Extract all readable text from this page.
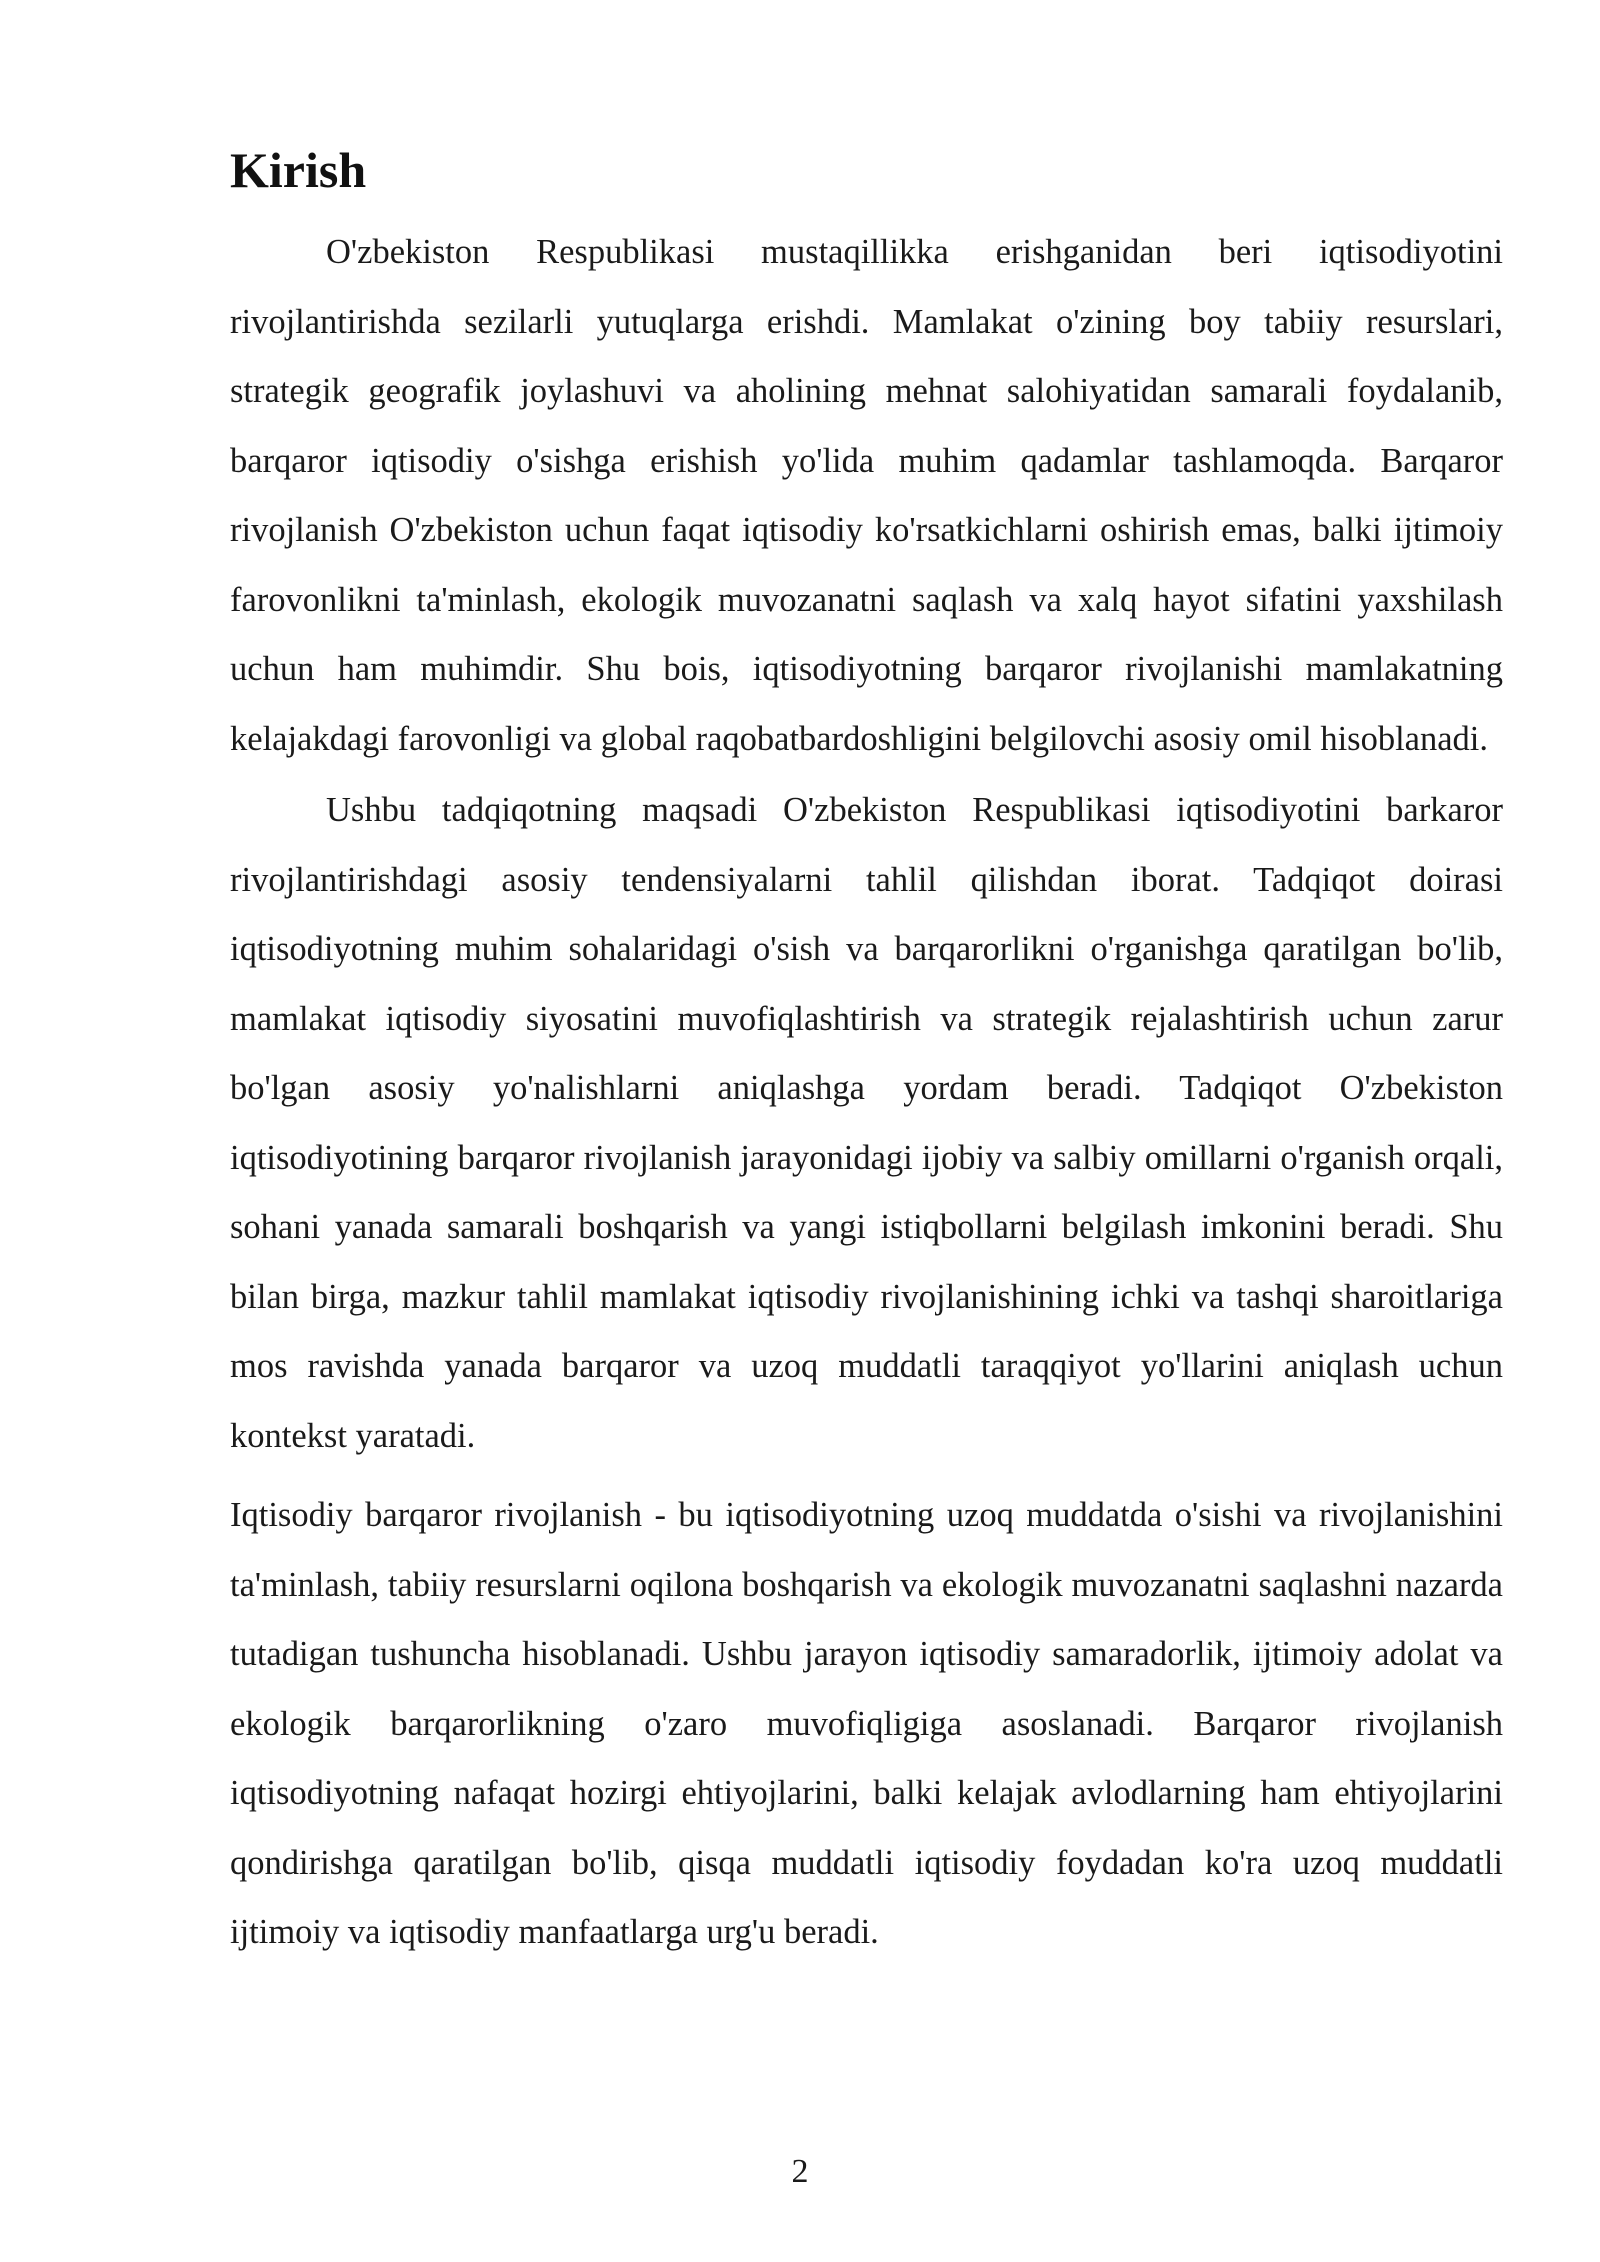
Kirish

O'zbekiston Respublikasi mustaqillikka erishganidan beri iqtisodiyotini rivojlantirishda sezilarli yutuqlarga erishdi. Mamlakat o'zining boy tabiiy resurslari, strategik geografik joylashuvi va aholining mehnat salohiyatidan samarali foydalanib, barqaror iqtisodiy o'sishga erishish yo'lida muhim qadamlar tashlamoqda. Barqaror rivojlanish O'zbekiston uchun faqat iqtisodiy ko'rsatkichlarni oshirish emas, balki ijtimoiy farovonlikni ta'minlash, ekologik muvozanatni saqlash va xalq hayot sifatini yaxshilash uchun ham muhimdir. Shu bois, iqtisodiyotning barqaror rivojlanishi mamlakatning kelajakdagi farovonligi va global raqobatbardoshligini belgilovchi asosiy omil hisoblanadi.

Ushbu tadqiqotning maqsadi O'zbekiston Respublikasi iqtisodiyotini barkaror rivojlantirishdagi asosiy tendensiyalarni tahlil qilishdan iborat. Tadqiqot doirasi iqtisodiyotning muhim sohalaridagi o'sish va barqarorlikni o'rganishga qaratilgan bo'lib, mamlakat iqtisodiy siyosatini muvofiqlashtirish va strategik rejalashtirish uchun zarur bo'lgan asosiy yo'nalishlarni aniqlashga yordam beradi. Tadqiqot O'zbekiston iqtisodiyotining barqaror rivojlanish jarayonidagi ijobiy va salbiy omillarni o'rganish orqali, sohani yanada samarali boshqarish va yangi istiqbollarni belgilash imkonini beradi. Shu bilan birga, mazkur tahlil mamlakat iqtisodiy rivojlanishining ichki va tashqi sharoitlariga mos ravishda yanada barqaror va uzoq muddatli taraqqiyot yo'llarini aniqlash uchun kontekst yaratadi.

Iqtisodiy barqaror rivojlanish - bu iqtisodiyotning uzoq muddatda o'sishi va rivojlanishini ta'minlash, tabiiy resurslarni oqilona boshqarish va ekologik muvozanatni saqlashni nazarda tutadigan tushuncha hisoblanadi. Ushbu jarayon iqtisodiy samaradorlik, ijtimoiy adolat va ekologik barqarorlikning o'zaro muvofiqligiga asoslanadi. Barqaror rivojlanish iqtisodiyotning nafaqat hozirgi ehtiyojlarini, balki kelajak avlodlarning ham ehtiyojlarini qondirishga qaratilgan bo'lib, qisqa muddatli iqtisodiy foydadan ko'ra uzoq muddatli ijtimoiy va iqtisodiy manfaatlarga urg'u beradi.

2
